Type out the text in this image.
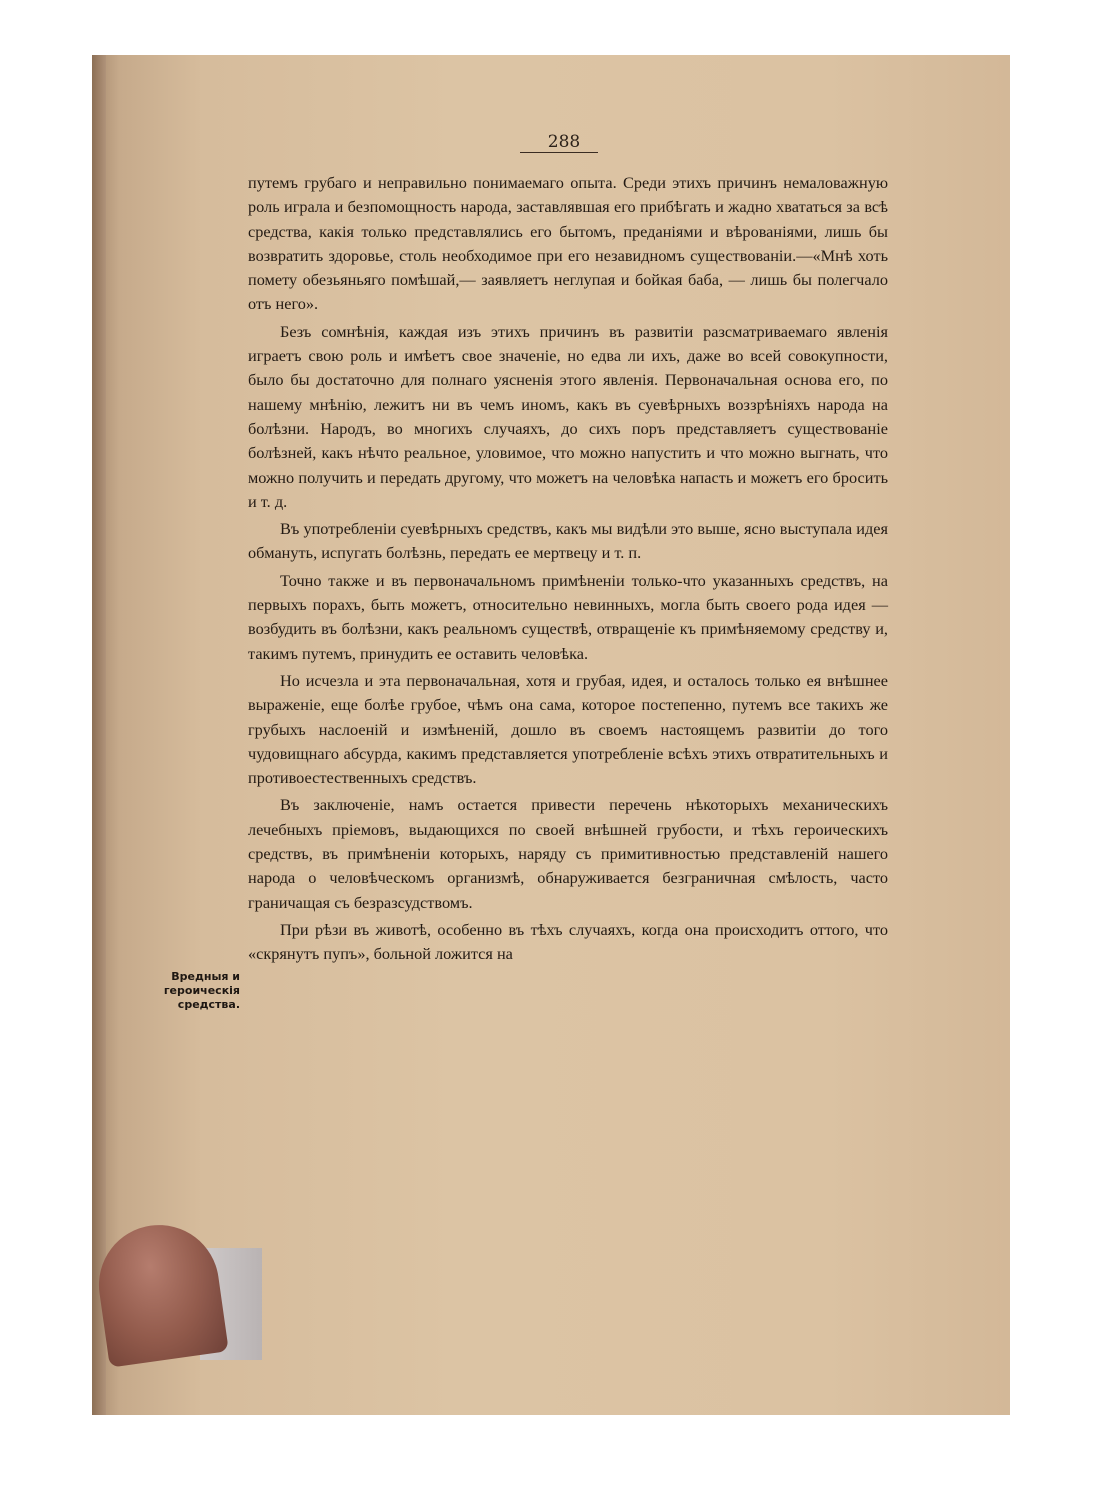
288
Вредныя и героическія средства.

путемъ грубаго и неправильно понимаемаго опыта. Среди этихъ причинъ немаловажную роль играла и безпомощность народа, заставлявшая его прибѣгать и жадно хвататься за всѣ средства, какія только представлялись его бытомъ, преданіями и вѣрованіями, лишь бы возвратить здоровье, столь необходимое при его незавидномъ существованіи.—«Мнѣ хоть помету обезьяньяго помѣшай,— заявляетъ неглупая и бойкая баба, — лишь бы полегчало отъ него».

Безъ сомнѣнія, каждая изъ этихъ причинъ въ развитіи разсматриваемаго явленія играетъ свою роль и имѣетъ свое значеніе, но едва ли ихъ, даже во всей совокупности, было бы достаточно для полнаго уясненія этого явленія. Первоначальная основа его, по нашему мнѣнію, лежитъ ни въ чемъ иномъ, какъ въ суевѣрныхъ воззрѣніяхъ народа на болѣзни. Народъ, во многихъ случаяхъ, до сихъ поръ представляетъ существованіе болѣзней, какъ нѣчто реальное, уловимое, что можно напустить и что можно выгнать, что можно получить и передать другому, что можетъ на человѣка напасть и можетъ его бросить и т. д.

Въ употребленіи суевѣрныхъ средствъ, какъ мы видѣли это выше, ясно выступала идея обмануть, испугать болѣзнь, передать ее мертвецу и т. п.

Точно также и въ первоначальномъ примѣненіи только-что указанныхъ средствъ, на первыхъ порахъ, быть можетъ, относительно невинныхъ, могла быть своего рода идея — возбудить въ болѣзни, какъ реальномъ существѣ, отвращеніе къ примѣняемому средству и, такимъ путемъ, принудить ее оставить человѣка.

Но исчезла и эта первоначальная, хотя и грубая, идея, и осталось только ея внѣшнее выраженіе, еще болѣе грубое, чѣмъ она сама, которое постепенно, путемъ все такихъ же грубыхъ наслоеній и измѣненій, дошло въ своемъ настоящемъ развитіи до того чудовищнаго абсурда, какимъ представляется употребленіе всѣхъ этихъ отвратительныхъ и противоестественныхъ средствъ.

Въ заключеніе, намъ остается привести перечень нѣкоторыхъ механическихъ лечебныхъ пріемовъ, выдающихся по своей внѣшней грубости, и тѣхъ героическихъ средствъ, въ примѣненіи которыхъ, наряду съ примитивностью представленій нашего народа о человѣческомъ организмѣ, обнаруживается безграничная смѣлость, часто граничащая съ безразсудствомъ.

При рѣзи въ животѣ, особенно въ тѣхъ случаяхъ, когда она происходитъ оттого, что «скрянутъ пупъ», больной ложится на
